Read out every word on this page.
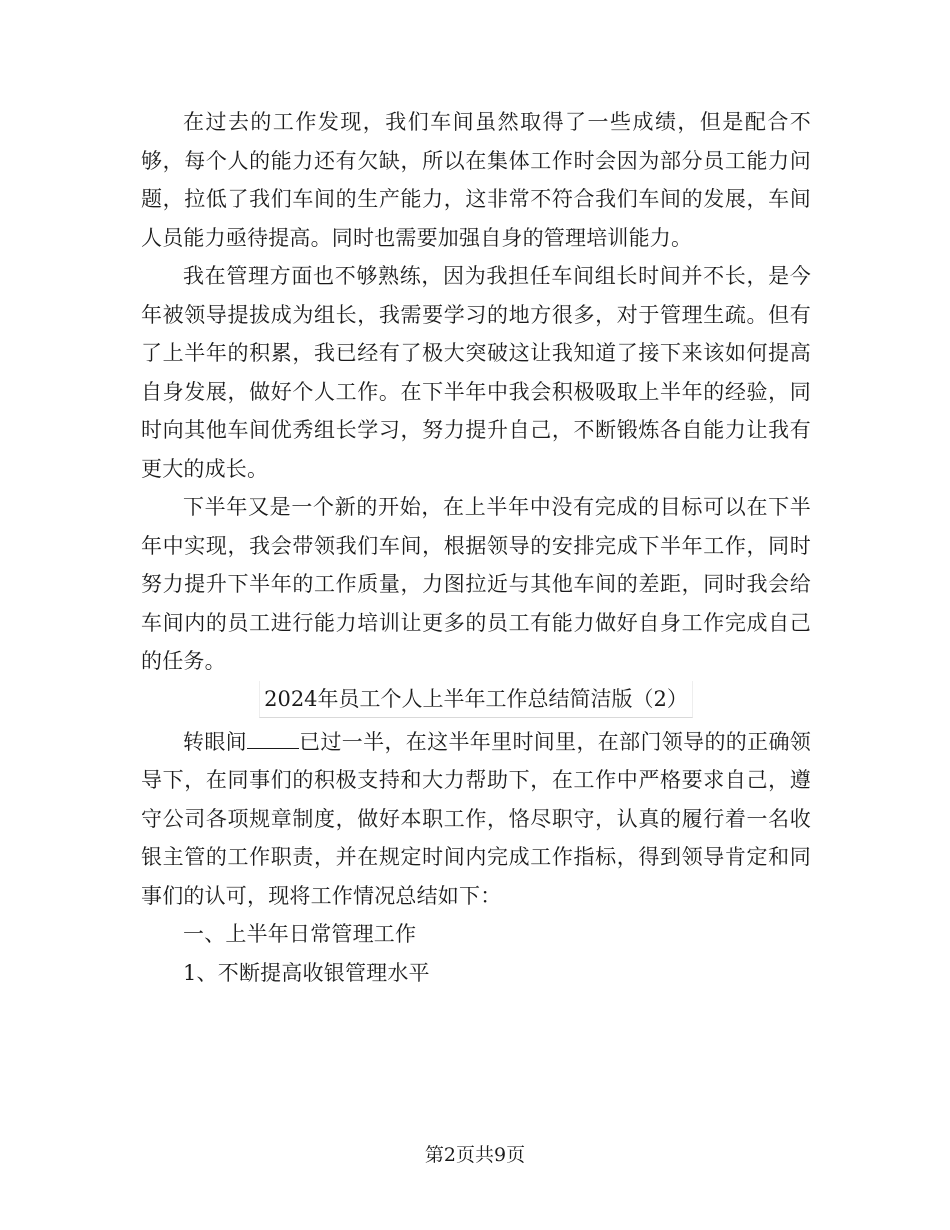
在过去的工作发现，我们车间虽然取得了一些成绩，但是配合不够，每个人的能力还有欠缺，所以在集体工作时会因为部分员工能力问题，拉低了我们车间的生产能力，这非常不符合我们车间的发展，车间人员能力亟待提高。同时也需要加强自身的管理培训能力。

我在管理方面也不够熟练，因为我担任车间组长时间并不长，是今年被领导提拔成为组长，我需要学习的地方很多，对于管理生疏。但有了上半年的积累，我已经有了极大突破这让我知道了接下来该如何提高自身发展，做好个人工作。在下半年中我会积极吸取上半年的经验，同时向其他车间优秀组长学习，努力提升自己，不断锻炼各自能力让我有更大的成长。

下半年又是一个新的开始，在上半年中没有完成的目标可以在下半年中实现，我会带领我们车间，根据领导的安排完成下半年工作，同时努力提升下半年的工作质量，力图拉近与其他车间的差距，同时我会给车间内的员工进行能力培训让更多的员工有能力做好自身工作完成自己的任务。

2024年员工个人上半年工作总结简洁版（2）

转眼间 已过一半，在这半年里时间里，在部门领导的的正确领导下，在同事们的积极支持和大力帮助下，在工作中严格要求自己，遵守公司各项规章制度，做好本职工作，恪尽职守，认真的履行着一名收银主管的工作职责，并在规定时间内完成工作指标，得到领导肯定和同事们的认可，现将工作情况总结如下：

一、上半年日常管理工作

1、不断提高收银管理水平

第2页共9页
